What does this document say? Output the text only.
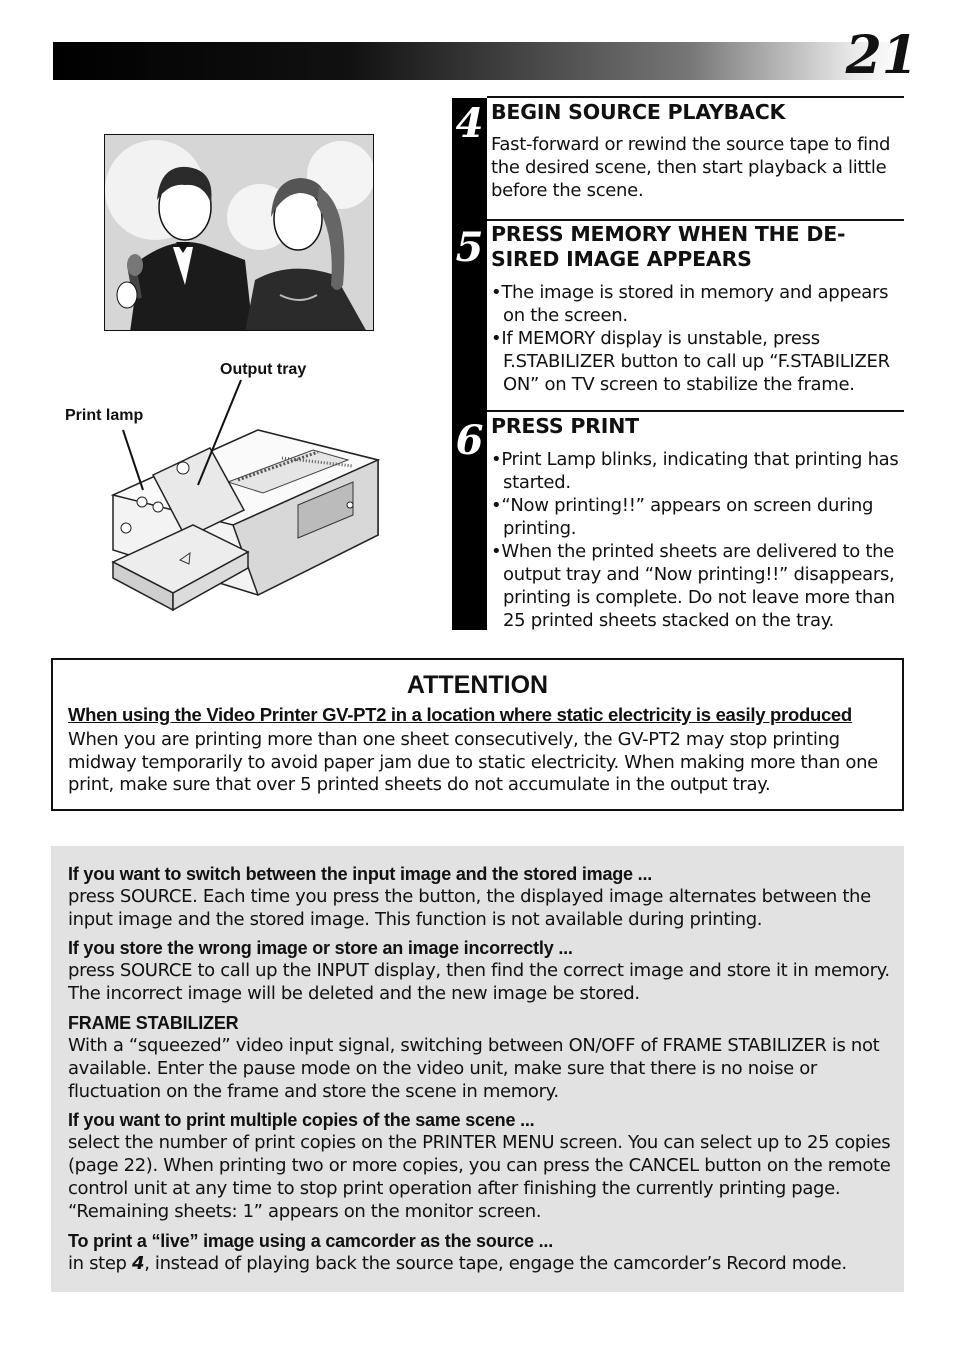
21
Output tray
Print lamp
4 BEGIN SOURCE PLAYBACK
Fast-forward or rewind the source tape to find the desired scene, then start playback a little before the scene.
5 PRESS MEMORY WHEN THE DE-
SIRED IMAGE APPEARS
•The image is stored in memory and appears on the screen.
•If MEMORY display is unstable, press F.STABILIZER button to call up “F.STABILIZER ON” on TV screen to stabilize the frame.
6 PRESS PRINT
•Print Lamp blinks, indicating that printing has started.
•“Now printing!!” appears on screen during printing.
•When the printed sheets are delivered to the output tray and “Now printing!!” disappears, printing is complete. Do not leave more than 25 printed sheets stacked on the tray.
ATTENTION
When using the Video Printer GV-PT2 in a location where static electricity is easily produced
When you are printing more than one sheet consecutively, the GV-PT2 may stop printing midway temporarily to avoid paper jam due to static electricity. When making more than one print, make sure that over 5 printed sheets do not accumulate in the output tray.
If you want to switch between the input image and the stored image ...
press SOURCE. Each time you press the button, the displayed image alternates between the input image and the stored image. This function is not available during printing.
If you store the wrong image or store an image incorrectly ...
press SOURCE to call up the INPUT display, then find the correct image and store it in memory. The incorrect image will be deleted and the new image be stored.
FRAME STABILIZER
With a “squeezed” video input signal, switching between ON/OFF of FRAME STABILIZER is not available. Enter the pause mode on the video unit, make sure that there is no noise or fluctuation on the frame and store the scene in memory.
If you want to print multiple copies of the same scene ...
select the number of print copies on the PRINTER MENU screen. You can select up to 25 copies (page 22). When printing two or more copies, you can press the CANCEL button on the remote control unit at any time to stop print operation after finishing the currently printing page. “Remaining sheets: 1” appears on the monitor screen.
To print a “live” image using a camcorder as the source ...
in step 4, instead of playing back the source tape, engage the camcorder’s Record mode.
